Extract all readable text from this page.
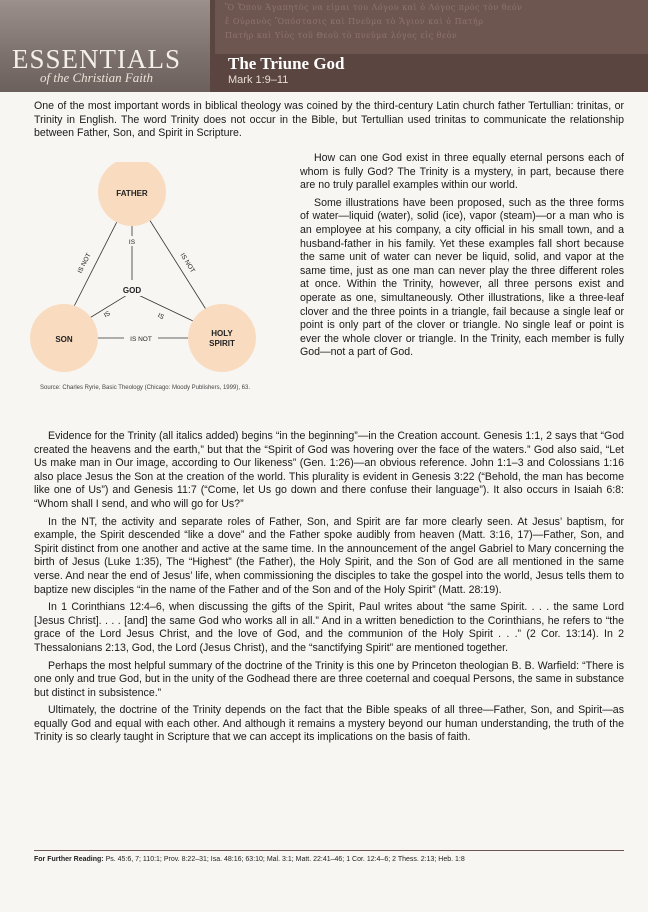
Ὃ Ὅπου Ἀγαπητὸς να εἰμαι του Λόγου καὶ ὁ Λόγος πρὸς τὸν θεόν
ἔ Οὐρανὸς Ὃπόστασις καὶ Πνεῦμα τὸ Ἅγιον καὶ ὁ Πατήρ
Πατὴρ καὶ Υἱὸς τοῦ Θεοῦ τὸ πνεῦμα λόγος εἰς θεὸν
ESSENTIALS
of the Christian Faith
The Triune God
Mark 1:9–11

One of the most important words in biblical theology was coined by the third-century Latin church father Tertullian: trinitas, or Trinity in English. The word Trinity does not occur in the Bible, but Tertullian used trinitas to communicate the relationship between Father, Son, and Spirit in Scripture.

FATHER
SON
HOLY
SPIRIT
GOD
IS
IS	IS
IS NOT	IS NOT
IS NOT
Source: Charles Ryrie, Basic Theology (Chicago: Moody Publishers, 1999), 63.

How can one God exist in three equally eternal persons each of whom is fully God? The Trinity is a mystery, in part, because there are no truly parallel examples within our world.

Some illustrations have been proposed, such as the three forms of water—liquid (water), solid (ice), vapor (steam)—or a man who is an employee at his company, a city official in his small town, and a husband-father in his family. Yet these examples fall short because the same unit of water can never be liquid, solid, and vapor at the same time, just as one man can never play the three different roles at once. Within the Trinity, however, all three persons exist and operate as one, simultaneously. Other illustrations, like a three-leaf clover and the three points in a triangle, fail because a single leaf or point is only part of the clover or triangle. No single leaf or point is ever the whole clover or triangle. In the Trinity, each member is fully God—not a part of God.

Evidence for the Trinity (all italics added) begins “in the beginning”—in the Creation account. Genesis 1:1, 2 says that “God created the heavens and the earth,” but that the “Spirit of God was hovering over the face of the waters.” God also said, “Let Us make man in Our image, according to Our likeness” (Gen. 1:26)—an obvious reference. John 1:1–3 and Colossians 1:16 also place Jesus the Son at the creation of the world. This plurality is evident in Genesis 3:22 (“Behold, the man has become like one of Us”) and Genesis 11:7 (“Come, let Us go down and there confuse their language”). It also occurs in Isaiah 6:8: “Whom shall I send, and who will go for Us?”

In the NT, the activity and separate roles of Father, Son, and Spirit are far more clearly seen. At Jesus’ baptism, for example, the Spirit descended “like a dove” and the Father spoke audibly from heaven (Matt. 3:16, 17)—Father, Son, and Spirit distinct from one another and active at the same time. In the announcement of the angel Gabriel to Mary concerning the birth of Jesus (Luke 1:35), The “Highest” (the Father), the Holy Spirit, and the Son of God are all mentioned in the same verse. And near the end of Jesus’ life, when commissioning the disciples to take the gospel into the world, Jesus tells them to baptize new disciples “in the name of the Father and of the Son and of the Holy Spirit” (Matt. 28:19).

In 1 Corinthians 12:4–6, when discussing the gifts of the Spirit, Paul writes about “the same Spirit. . . . the same Lord [Jesus Christ]. . . . [and] the same God who works all in all.” And in a written benediction to the Corinthians, he refers to “the grace of the Lord Jesus Christ, and the love of God, and the communion of the Holy Spirit . . .” (2 Cor. 13:14). In 2 Thessalonians 2:13, God, the Lord (Jesus Christ), and the “sanctifying Spirit” are mentioned together.

Perhaps the most helpful summary of the doctrine of the Trinity is this one by Princeton theologian B. B. Warfield: “There is one only and true God, but in the unity of the Godhead there are three coeternal and coequal Persons, the same in substance but distinct in subsistence.”

Ultimately, the doctrine of the Trinity depends on the fact that the Bible speaks of all three—Father, Son, and Spirit—as equally God and equal with each other. And although it remains a mystery beyond our human understanding, the truth of the Trinity is so clearly taught in Scripture that we can accept its implications on the basis of faith.

For Further Reading: Ps. 45:6, 7; 110:1; Prov. 8:22–31; Isa. 48:16; 63:10; Mal. 3:1; Matt. 22:41–46; 1 Cor. 12:4–6; 2 Thess. 2:13; Heb. 1:8
